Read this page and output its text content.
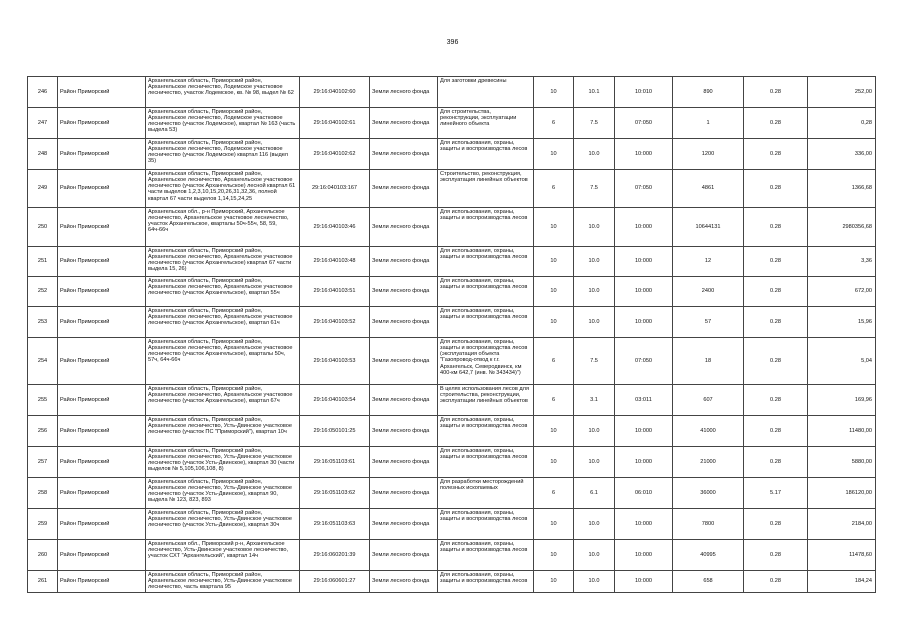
396
246	Район Приморский	Архангельская область, Приморский район, Архангельское лесничество, Лодемское участковое лесничество, участок Лодемское, кв. № 98, выдел № 62	29:16:040102:60	Земли лесного фонда	Для заготовки древесины	10	10.1	10:010	890	0.28	252,00
247	Район Приморский	Архангельская область, Приморский район, Архангельское лесничество, Лодемское участковое лесничество (участок Лодемское), квартал № 163 (часть выдела 53)	29:16:040102:61	Земли лесного фонда	Для строительства, реконструкции, эксплуатации линейного объекта	6	7.5	07:050	1	0.28	0,28
248	Район Приморский	Архангельская область, Приморский район, Архангельское лесничество, Лодемское участковое лесничество (участок Лодемское) квартал 116 (выдел 35)	29:16:040102:62	Земли лесного фонда	Для использования, охраны, защиты и воспроизводства лесов	10	10.0	10:000	1200	0.28	336,00
249	Район Приморский	Архангельская область, Приморский район, Архангельское лесничество, Архангельское участковое лесничество (участок Архангельское) лесной квартал 61 части выделов 1,2,3,10,15,20,26,31,32,36, полной квартал 67 части выделов 1,14,15,24,25	29:16:040103:167	Земли лесного фонда	Строительство, реконструкция, эксплуатация линейных объектов	6	7.5	07:050	4861	0.28	1366,68
250	Район Приморский	Архангельская обл., р-н Приморский, Архангельское лесничество, Архангельское участковое лесничество, участок Архангельское, кварталы 50ч-55ч, 58, 59, 64ч-66ч	29:16:040103:46	Земли лесного фонда	Для использования, охраны, защиты и воспроизводства лесов	10	10.0	10:000	10644131	0.28	2980356,68
251	Район Приморский	Архангельская область, Приморский район, Архангельское лесничество, Архангельское участковое лесничество (участок Архангельское) квартал 67 части выдела 15, 26)	29:16:040103:48	Земли лесного фонда	Для использования, охраны, защиты и воспроизводства лесов	10	10.0	10:000	12	0.28	3,36
252	Район Приморский	Архангельская область, Приморский район, Архангельское лесничество, Архангельское участковое лесничество (участок Архангельское), квартал 55ч	29:16:040103:51	Земли лесного фонда	Для использования, охраны, защиты и воспроизводства лесов	10	10.0	10:000	2400	0.28	672,00
253	Район Приморский	Архангельская область, Приморский район, Архангельское лесничество, Архангельское участковое лесничество (участок Архангельское), квартал 61ч	29:16:040103:52	Земли лесного фонда	Для использования, охраны, защиты и воспроизводства лесов	10	10.0	10:000	57	0.28	15,96
254	Район Приморский	Архангельская область, Приморский район, Архангельское лесничество, Архангельское участковое лесничество (участок Архангельское), кварталы 50ч, 57ч, 64ч-66ч	29:16:040103:53	Земли лесного фонда	Для использования, охраны, защиты и воспроизводства лесов (эксплуатация объекта "Газопровод-отвод к г.г. Архангельск, Северодвинск, км 400-км 642,7 (инв. № 343434)")	6	7.5	07:050	18	0.28	5,04
255	Район Приморский	Архангельская область, Приморский район, Архангельское лесничество, Архангельское участковое лесничество (участок Архангельское), квартал 67ч	29:16:040103:54	Земли лесного фонда	В целях использования лесов для строительства, реконструкции, эксплуатации линейных объектов	6	3.1	03:011	607	0.28	169,96
256	Район Приморский	Архангельская область, Приморский район, Архангельское лесничество, Усть-Двинское участковое лесничество (участок ПС "Приморский"), квартал 10ч	29:16:050101:25	Земли лесного фонда	Для использования, охраны, защиты и воспроизводства лесов	10	10.0	10:000	41000	0.28	11480,00
257	Район Приморский	Архангельская область, Приморский район, Архангельское лесничество, Усть-Двинское участковое лесничество (участок Усть-Двинское), квартал 30 (части выделов № 5,105,106,108, 8)	29:16:051103:61	Земли лесного фонда	Для использования, охраны, защиты и воспроизводства лесов	10	10.0	10:000	21000	0.28	5880,00
258	Район Приморский	Архангельская область, Приморский район, Архангельское лесничество, Усть-Двинское участковое лесничество (участок Усть-Двинское), квартал 90, выдела № 123, 823, 893	29:16:051103:62	Земли лесного фонда	Для разработки месторождений полезных ископаемых	6	6.1	06:010	36000	5.17	186120,00
259	Район Приморский	Архангельская область, Приморский район, Архангельское лесничество, Усть-Двинское участковое лесничество (участок Усть-Двинское), квартал 30ч	29:16:051103:63	Земли лесного фонда	Для использования, охраны, защиты и воспроизводства лесов	10	10.0	10:000	7800	0.28	2184,00
260	Район Приморский	Архангельская обл., Приморский р-н, Архангельское лесничество, Усть-Двинское участковое лесничество, участок СХТ "Архангельский", квартал 14ч	29:16:060201:39	Земли лесного фонда	Для использования, охраны, защиты и воспроизводства лесов	10	10.0	10:000	40995	0.28	11478,60
261	Район Приморский	Архангельская область, Приморский район, Архангельское лесничество, Усть-Двинское участковое лесничество, часть квартала 95	29:16:060601:27	Земли лесного фонда	Для использования, охраны, защиты и воспроизводства лесов	10	10.0	10:000	658	0.28	184,24
